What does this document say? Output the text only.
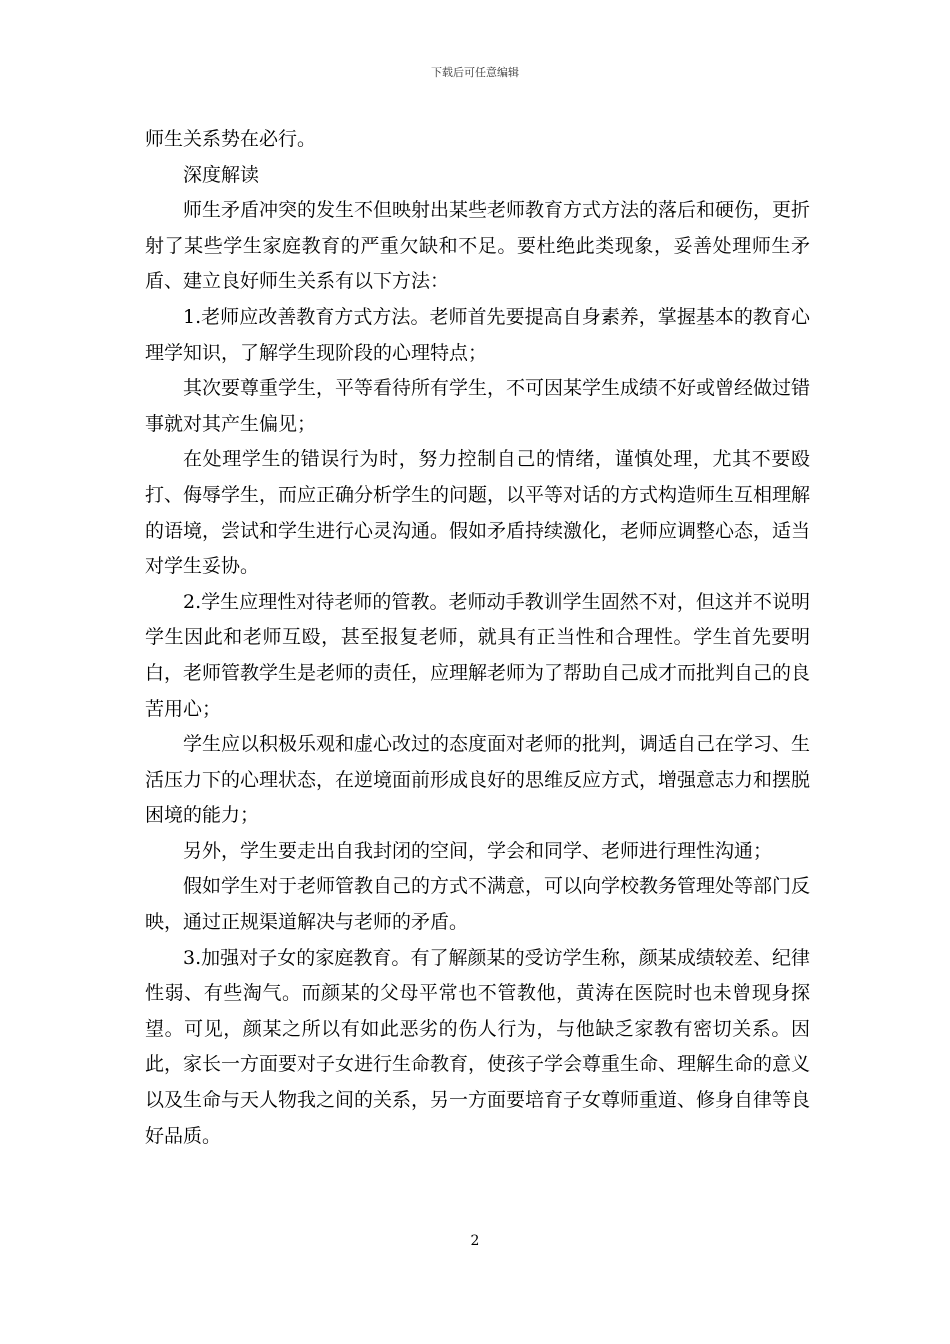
下载后可任意编辑

师生关系势在必行。

深度解读

师生矛盾冲突的发生不但映射出某些老师教育方式方法的落后和硬伤，更折射了某些学生家庭教育的严重欠缺和不足。要杜绝此类现象，妥善处理师生矛盾、建立良好师生关系有以下方法：

1.老师应改善教育方式方法。老师首先要提高自身素养，掌握基本的教育心理学知识，了解学生现阶段的心理特点；

其次要尊重学生，平等看待所有学生，不可因某学生成绩不好或曾经做过错事就对其产生偏见；

在处理学生的错误行为时，努力控制自己的情绪，谨慎处理，尤其不要殴打、侮辱学生，而应正确分析学生的问题，以平等对话的方式构造师生互相理解的语境，尝试和学生进行心灵沟通。假如矛盾持续激化，老师应调整心态，适当对学生妥协。

2.学生应理性对待老师的管教。老师动手教训学生固然不对，但这并不说明学生因此和老师互殴，甚至报复老师，就具有正当性和合理性。学生首先要明白，老师管教学生是老师的责任，应理解老师为了帮助自己成才而批判自己的良苦用心；

学生应以积极乐观和虚心改过的态度面对老师的批判，调适自己在学习、生活压力下的心理状态，在逆境面前形成良好的思维反应方式，增强意志力和摆脱困境的能力；

另外，学生要走出自我封闭的空间，学会和同学、老师进行理性沟通；

假如学生对于老师管教自己的方式不满意，可以向学校教务管理处等部门反映，通过正规渠道解决与老师的矛盾。

3.加强对子女的家庭教育。有了解颜某的受访学生称，颜某成绩较差、纪律性弱、有些淘气。而颜某的父母平常也不管教他，黄涛在医院时也未曾现身探望。可见，颜某之所以有如此恶劣的伤人行为，与他缺乏家教有密切关系。因此，家长一方面要对子女进行生命教育，使孩子学会尊重生命、理解生命的意义以及生命与天人物我之间的关系，另一方面要培育子女尊师重道、修身自律等良好品质。

2
